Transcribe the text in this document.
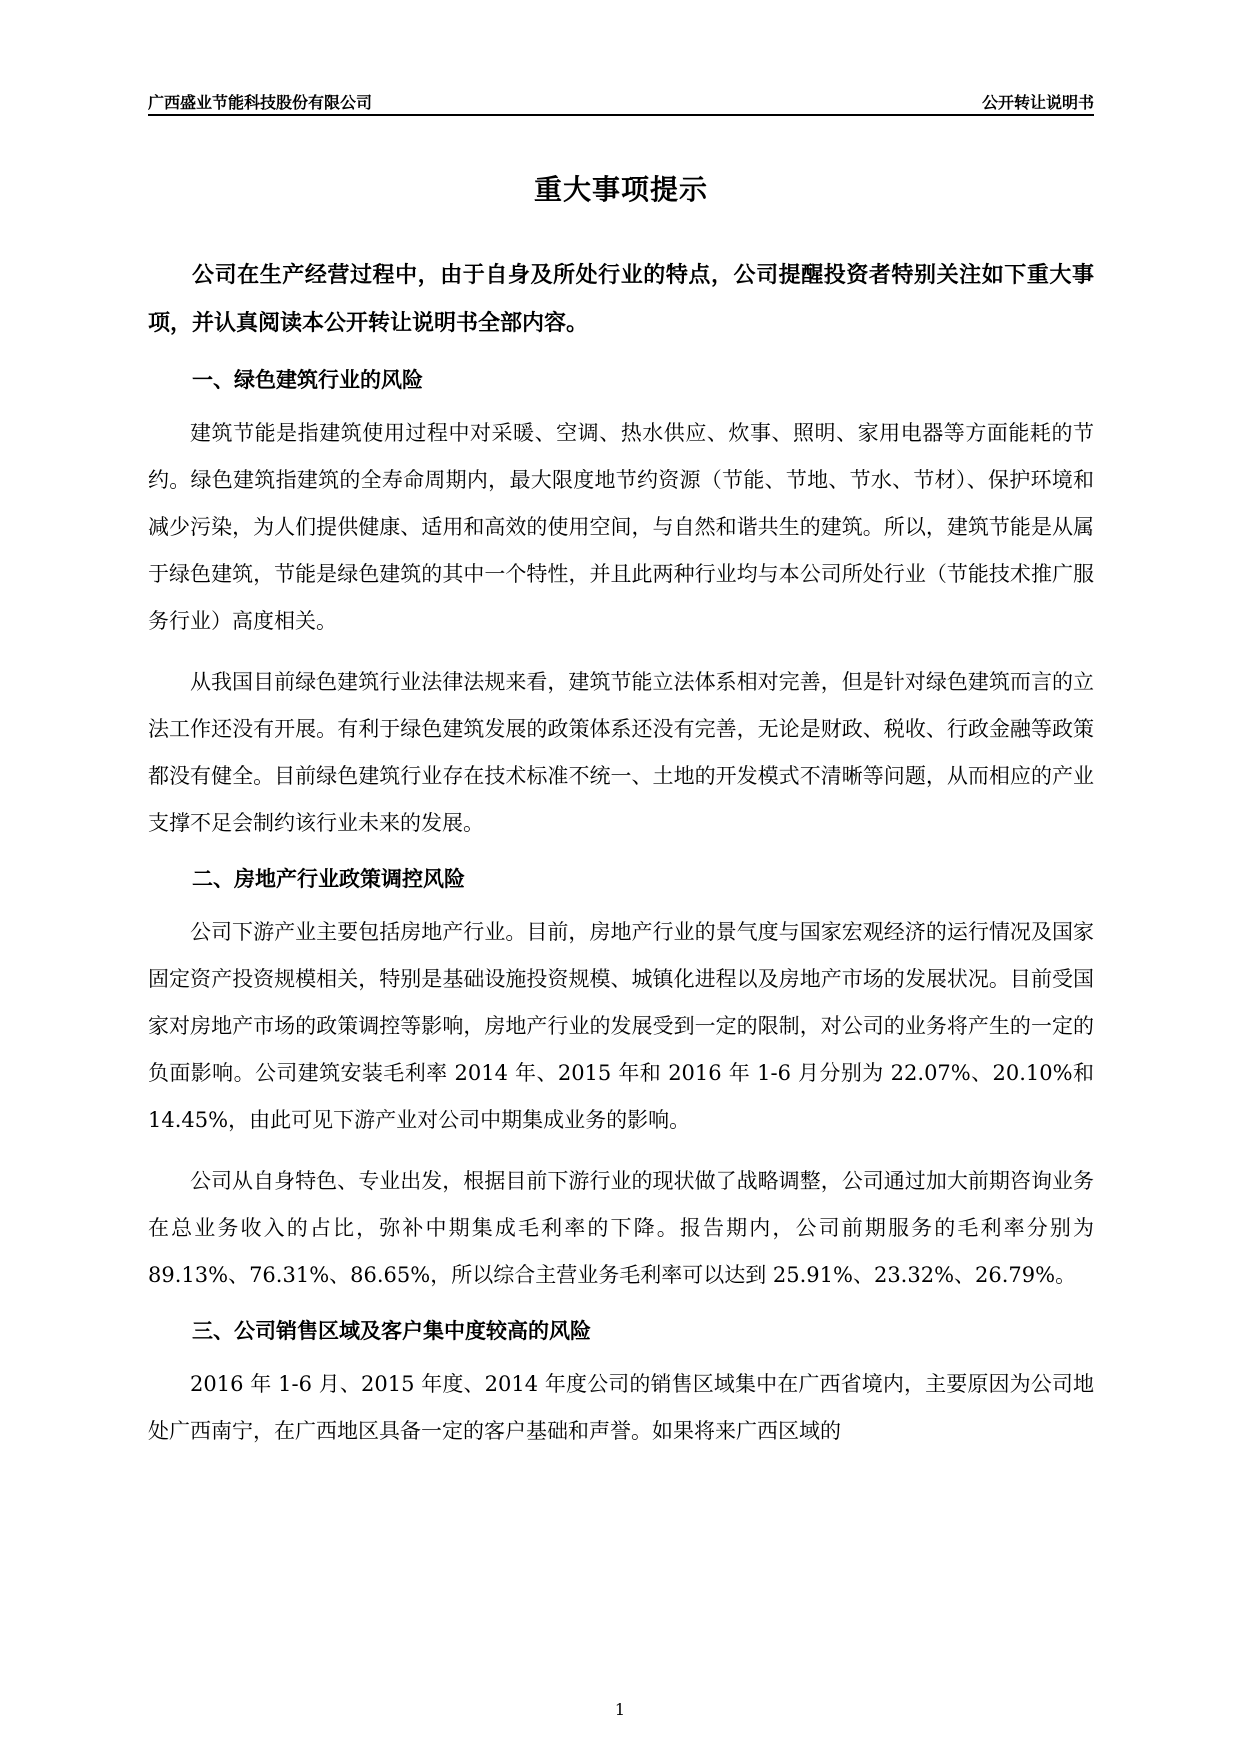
广西盛业节能科技股份有限公司	公开转让说明书
重大事项提示

公司在生产经营过程中，由于自身及所处行业的特点，公司提醒投资者特别关注如下重大事项，并认真阅读本公开转让说明书全部内容。

一、绿色建筑行业的风险

建筑节能是指建筑使用过程中对采暖、空调、热水供应、炊事、照明、家用电器等方面能耗的节约。绿色建筑指建筑的全寿命周期内，最大限度地节约资源（节能、节地、节水、节材）、保护环境和减少污染，为人们提供健康、适用和高效的使用空间，与自然和谐共生的建筑。所以，建筑节能是从属于绿色建筑，节能是绿色建筑的其中一个特性，并且此两种行业均与本公司所处行业（节能技术推广服务行业）高度相关。

从我国目前绿色建筑行业法律法规来看，建筑节能立法体系相对完善，但是针对绿色建筑而言的立法工作还没有开展。有利于绿色建筑发展的政策体系还没有完善，无论是财政、税收、行政金融等政策都没有健全。目前绿色建筑行业存在技术标准不统一、土地的开发模式不清晰等问题，从而相应的产业支撑不足会制约该行业未来的发展。

二、房地产行业政策调控风险

公司下游产业主要包括房地产行业。目前，房地产行业的景气度与国家宏观经济的运行情况及国家固定资产投资规模相关，特别是基础设施投资规模、城镇化进程以及房地产市场的发展状况。目前受国家对房地产市场的政策调控等影响，房地产行业的发展受到一定的限制，对公司的业务将产生的一定的负面影响。公司建筑安装毛利率 2014 年、2015 年和 2016 年 1-6 月分别为 22.07%、20.10%和 14.45%，由此可见下游产业对公司中期集成业务的影响。

公司从自身特色、专业出发，根据目前下游行业的现状做了战略调整，公司通过加大前期咨询业务在总业务收入的占比，弥补中期集成毛利率的下降。报告期内，公司前期服务的毛利率分别为 89.13%、76.31%、86.65%，所以综合主营业务毛利率可以达到 25.91%、23.32%、26.79%。

三、公司销售区域及客户集中度较高的风险

2016 年 1-6 月、2015 年度、2014 年度公司的销售区域集中在广西省境内，主要原因为公司地处广西南宁，在广西地区具备一定的客户基础和声誉。如果将来广西区域的

1
